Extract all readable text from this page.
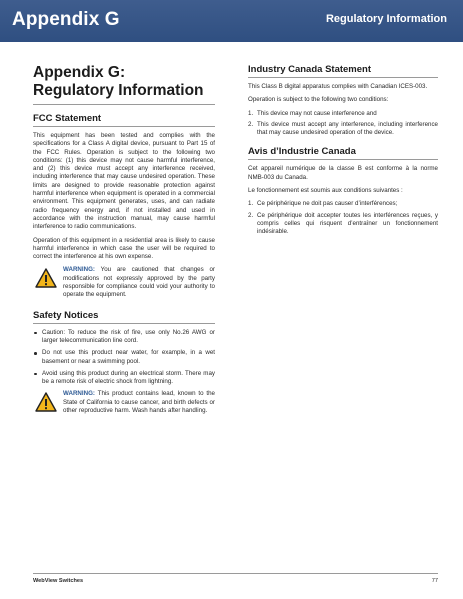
Appendix G	Regulatory Information
Appendix G:
Regulatory Information
FCC Statement

This equipment has been tested and complies with the specifications for a Class A digital device, pursuant to Part 15 of the FCC Rules. Operation is subject to the following two conditions: (1) this device may not cause harmful interference, and (2) this device must accept any interference received, including interference that may cause undesired operation. These limits are designed to provide reasonable protection against harmful interference when equipment is operated in a commercial environment. This equipment generates, uses, and can radiate radio frequency energy and, if not installed and used in accordance with the instruction manual, may cause harmful interference to radio communications.

Operation of this equipment in a residential area is likely to cause harmful interference in which case the user will be required to correct the interference at his own expense.

WARNING: You are cautioned that changes or modifications not expressly approved by the party responsible for compliance could void your authority to operate the equipment.

Safety Notices
Caution: To reduce the risk of fire, use only No.26 AWG or larger telecommunication line cord.
Do not use this product near water, for example, in a wet basement or near a swimming pool.
Avoid using this product during an electrical storm. There may be a remote risk of electric shock from lightning.

WARNING: This product contains lead, known to the State of California to cause cancer, and birth defects or other reproductive harm. Wash hands after handling.

Industry Canada Statement

This Class B digital apparatus complies with Canadian ICES-003.

Operation is subject to the following two conditions:

1. This device may not cause interference and
2. This device must accept any interference, including interference that may cause undesired operation of the device.
Avis d’Industrie Canada

Cet appareil numérique de la classe B est conforme à la norme NMB-003 du Canada.

Le fonctionnement est soumis aux conditions suivantes :

1. Ce périphérique ne doit pas causer d’interférences;
2. Ce périphérique doit accepter toutes les interférences reçues, y compris celles qui risquent d’entraîner un fonctionnement indésirable.
WebView Switches	77
